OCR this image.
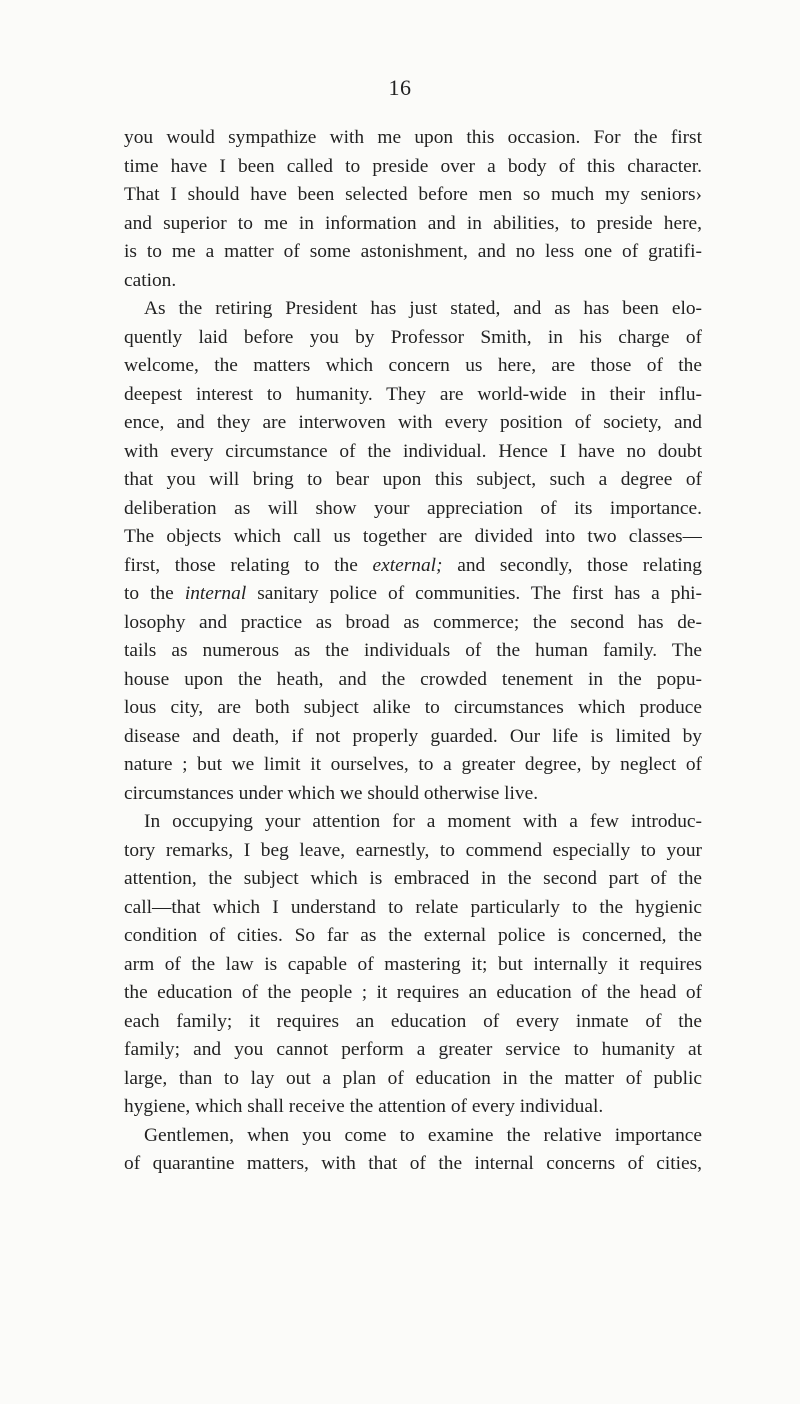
16
you would sympathize with me upon this occasion. For the first
time have I been called to preside over a body of this character.
That I should have been selected before men so much my seniors›
and superior to me in information and in abilities, to preside here,
is to me a matter of some astonishment, and no less one of gratifi-
cation.
As the retiring President has just stated, and as has been elo-
quently laid before you by Professor Smith, in his charge of
welcome, the matters which concern us here, are those of the
deepest interest to humanity. They are world-wide in their influ-
ence, and they are interwoven with every position of society, and
with every circumstance of the individual. Hence I have no doubt
that you will bring to bear upon this subject, such a degree of
deliberation as will show your appreciation of its importance.
The objects which call us together are divided into two classes—
first, those relating to the external; and secondly, those relating
to the internal sanitary police of communities. The first has a phi-
losophy and practice as broad as commerce; the second has de-
tails as numerous as the individuals of the human family. The
house upon the heath, and the crowded tenement in the popu-
lous city, are both subject alike to circumstances which produce
disease and death, if not properly guarded. Our life is limited by
nature ; but we limit it ourselves, to a greater degree, by neglect of
circumstances under which we should otherwise live.
In occupying your attention for a moment with a few introduc-
tory remarks, I beg leave, earnestly, to commend especially to your
attention, the subject which is embraced in the second part of the
call—that which I understand to relate particularly to the hygienic
condition of cities. So far as the external police is concerned, the
arm of the law is capable of mastering it; but internally it requires
the education of the people ; it requires an education of the head of
each family; it requires an education of every inmate of the
family; and you cannot perform a greater service to humanity at
large, than to lay out a plan of education in the matter of public
hygiene, which shall receive the attention of every individual.
Gentlemen, when you come to examine the relative importance
of quarantine matters, with that of the internal concerns of cities,
